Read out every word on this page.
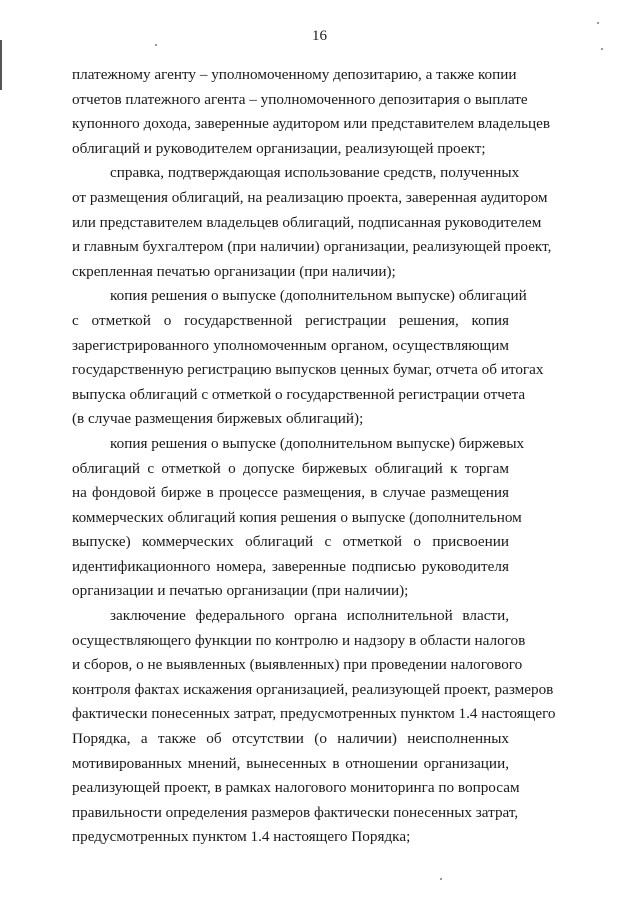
16
платежному агенту – уполномоченному депозитарию, а также копии
отчетов платежного агента – уполномоченного депозитария о выплате
купонного дохода, заверенные аудитором или представителем владельцев
облигаций и руководителем организации, реализующей проект;
справка, подтверждающая использование средств, полученных
от размещения облигаций, на реализацию проекта, заверенная аудитором
или представителем владельцев облигаций, подписанная руководителем
и главным бухгалтером (при наличии) организации, реализующей проект,
скрепленная печатью организации (при наличии);
копия решения о выпуске (дополнительном выпуске) облигаций
с отметкой о государственной регистрации решения, копия
зарегистрированного уполномоченным органом, осуществляющим
государственную регистрацию выпусков ценных бумаг, отчета об итогах
выпуска облигаций с отметкой о государственной регистрации отчета
(в случае размещения биржевых облигаций);
копия решения о выпуске (дополнительном выпуске) биржевых
облигаций с отметкой о допуске биржевых облигаций к торгам
на фондовой бирже в процессе размещения, в случае размещения
коммерческих облигаций копия решения о выпуске (дополнительном
выпуске) коммерческих облигаций с отметкой о присвоении
идентификационного номера, заверенные подписью руководителя
организации и печатью организации (при наличии);
заключение федерального органа исполнительной власти,
осуществляющего функции по контролю и надзору в области налогов
и сборов, о не выявленных (выявленных) при проведении налогового
контроля фактах искажения организацией, реализующей проект, размеров
фактически понесенных затрат, предусмотренных пунктом 1.4 настоящего
Порядка, а также об отсутствии (о наличии) неисполненных
мотивированных мнений, вынесенных в отношении организации,
реализующей проект, в рамках налогового мониторинга по вопросам
правильности определения размеров фактически понесенных затрат,
предусмотренных пунктом 1.4 настоящего Порядка;
